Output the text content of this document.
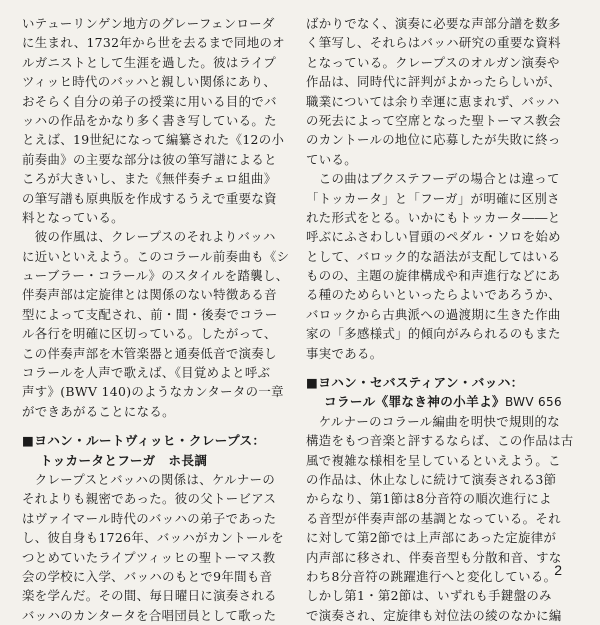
いテューリンゲン地方のグレーフェンローダ
に生まれ、1732年から世を去るまで同地のオ
ルガニストとして生涯を過した。彼はライプ
ツィッヒ時代のバッハと親しい関係にあり、
おそらく自分の弟子の授業に用いる目的でバ
ッハの作品をかなり多く書き写している。た
とえば、19世紀になって編纂された《12の小
前奏曲》の主要な部分は彼の筆写譜によると
ころが大きいし、また《無伴奏チェロ組曲》
の筆写譜も原典版を作成するうえで重要な資
料となっている。
　彼の作風は、クレープスのそれよりバッハ
に近いといえよう。このコラール前奏曲も《シ
ューブラー・コラール》のスタイルを踏襲し、
伴奏声部は定旋律とは関係のない特徴ある音
型によって支配され、前・間・後奏でコラー
ル各行を明確に区切っている。したがって、
この伴奏声部を木管楽器と通奏低音で演奏し
コラールを人声で歌えば、《目覚めよと呼ぶ
声す》(BWV 140)のようなカンタータの一章
ができあがることになる。
■ヨハン・ルートヴィッヒ・クレープス：
トッカータとフーガ　ホ長調
　クレープスとバッハの関係は、ケルナーの
それよりも親密であった。彼の父トービアス
はヴァイマール時代のバッハの弟子であった
し、彼自身も1726年、バッハがカントールを
つとめていたライプツィッヒの聖トーマス教
会の学校に入学、バッハのもとで9年間も音
楽を学んだ。その間、毎日曜日に演奏される
バッハのカンタータを合唱団員として歌った
ばかりでなく、演奏に必要な声部分譜を数多
く筆写し、それらはバッハ研究の重要な資料
となっている。クレープスのオルガン演奏や
作品は、同時代に評判がよかったらしいが、
職業については余り幸運に恵まれず、バッハ
の死去によって空席となった聖トーマス教会
のカントールの地位に応募したが失敗に終っ
ている。
　この曲はブクステフーデの場合とは違って
「トッカータ」と「フーガ」が明確に区別さ
れた形式をとる。いかにもトッカータ――と
呼ぶにふさわしい冒頭のペダル・ソロを始め
として、バロック的な語法が支配してはいる
ものの、主題の旋律構成や和声進行などにあ
る種のためらいといったらよいであろうか、
バロックから古典派への過渡期に生きた作曲
家の「多感様式」的傾向がみられるのもまた
事実である。
■ヨハン・セバスティアン・バッハ：
コラール《罪なき神の小羊よ》BWV 656
　ケルナーのコラール編曲を明快で規則的な
構造をもつ音楽と評するならば、この作品は古
風で複雑な様相を呈しているといえよう。こ
の作品は、休止なしに続けて演奏される3節
からなり、第1節は8分音符の順次進行によ
る音型が伴奏声部の基調となっている。それ
に対して第2節では上声部にあった定旋律が
内声部に移され、伴奏音型も分散和音、すな
わち8分音符の跳躍進行へと変化している。
しかし第1・第2節は、いずれも手鍵盤のみ
で演奏され、定旋律も対位法の綾のなかに編
2
